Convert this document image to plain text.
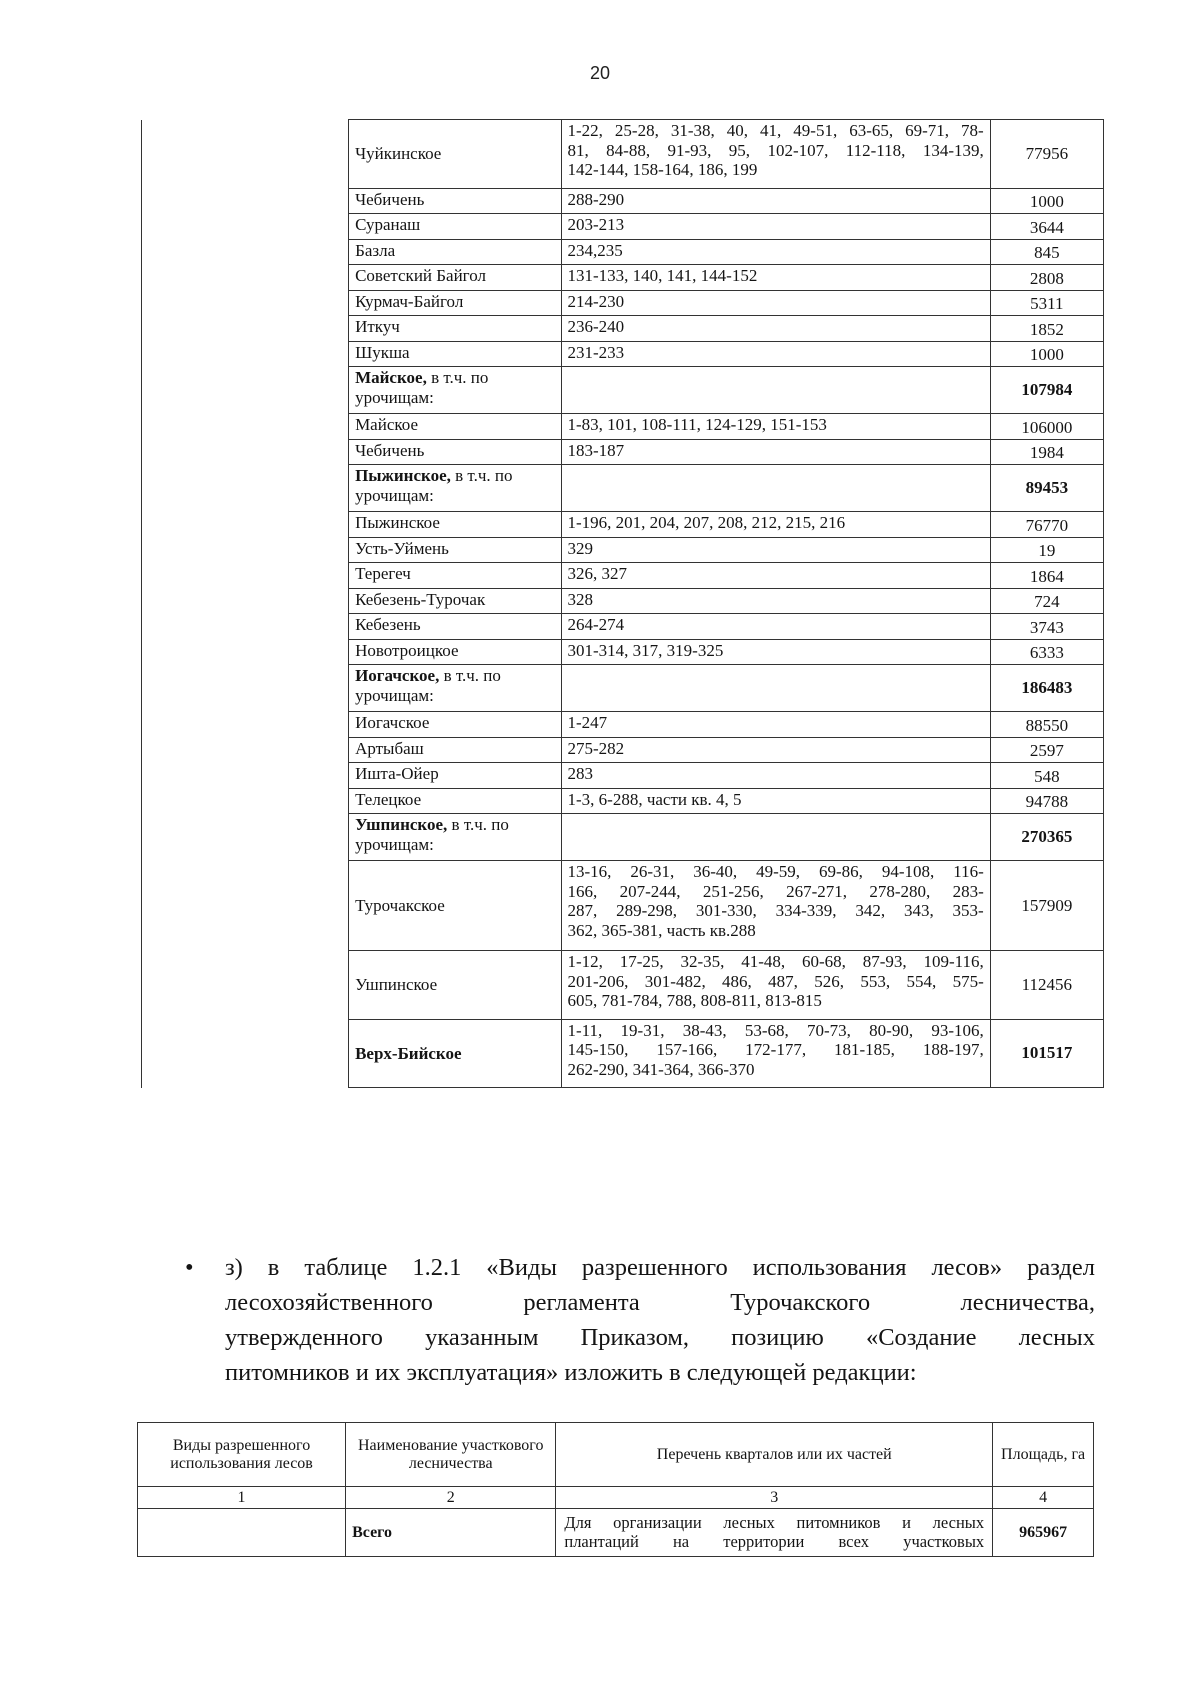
20
	Чуйкинское	1-22, 25-28, 31-38, 40, 41, 49-51, 63-65, 69-71, 78-
81, 84-88, 91-93, 95, 102-107, 112-118, 134-139,
142-144, 158-164, 186, 199	77956
	Чебичень	288-290	1000
	Суранаш	203-213	3644
	Базла	234,235	845
	Советский Байгол	131-133, 140, 141, 144-152	2808
	Курмач-Байгол	214-230	5311
	Иткуч	236-240	1852
	Шукша	231-233	1000
	Майское, в т.ч. по урочищам:		107984
	Майское	1-83, 101, 108-111, 124-129, 151-153	106000
	Чебичень	183-187	1984
	Пыжинское, в т.ч. по урочищам:		89453
	Пыжинское	1-196, 201, 204, 207, 208, 212, 215, 216	76770
	Усть-Уймень	329	19
	Терегеч	326, 327	1864
	Кебезень-Турочак	328	724
	Кебезень	264-274	3743
	Новотроицкое	301-314, 317, 319-325	6333
	Иогачское, в т.ч. по урочищам:		186483
	Иогачское	1-247	88550
	Артыбаш	275-282	2597
	Ишта-Ойер	283	548
	Телецкое	1-3, 6-288, части кв. 4, 5	94788
	Ушпинское, в т.ч. по урочищам:		270365
	Турочакское	13-16, 26-31, 36-40, 49-59, 69-86, 94-108, 116-
166, 207-244, 251-256, 267-271, 278-280, 283-
287, 289-298, 301-330, 334-339, 342, 343, 353-
362, 365-381, часть кв.288	157909
	Ушпинское	1-12, 17-25, 32-35, 41-48, 60-68, 87-93, 109-116,
201-206, 301-482, 486, 487, 526, 553, 554, 575-
605, 781-784, 788, 808-811, 813-815	112456
	Верх-Бийское	1-11, 19-31, 38-43, 53-68, 70-73, 80-90, 93-106,
145-150, 157-166, 172-177, 181-185, 188-197,
262-290, 341-364, 366-370	101517
• з) в таблице 1.2.1 «Виды разрешенного использования лесов» раздел
лесохозяйственного регламента Турочакского лесничества,
утвержденного указанным Приказом, позицию «Создание лесных
питомников и их эксплуатация» изложить в следующей редакции:
Виды разрешенного использования лесов	Наименование участкового лесничества	Перечень кварталов или их частей	Площадь, га
1	2	3	4
	Всего	Для организации лесных питомников и лесных
плантаций на территории всех участковых	965967
